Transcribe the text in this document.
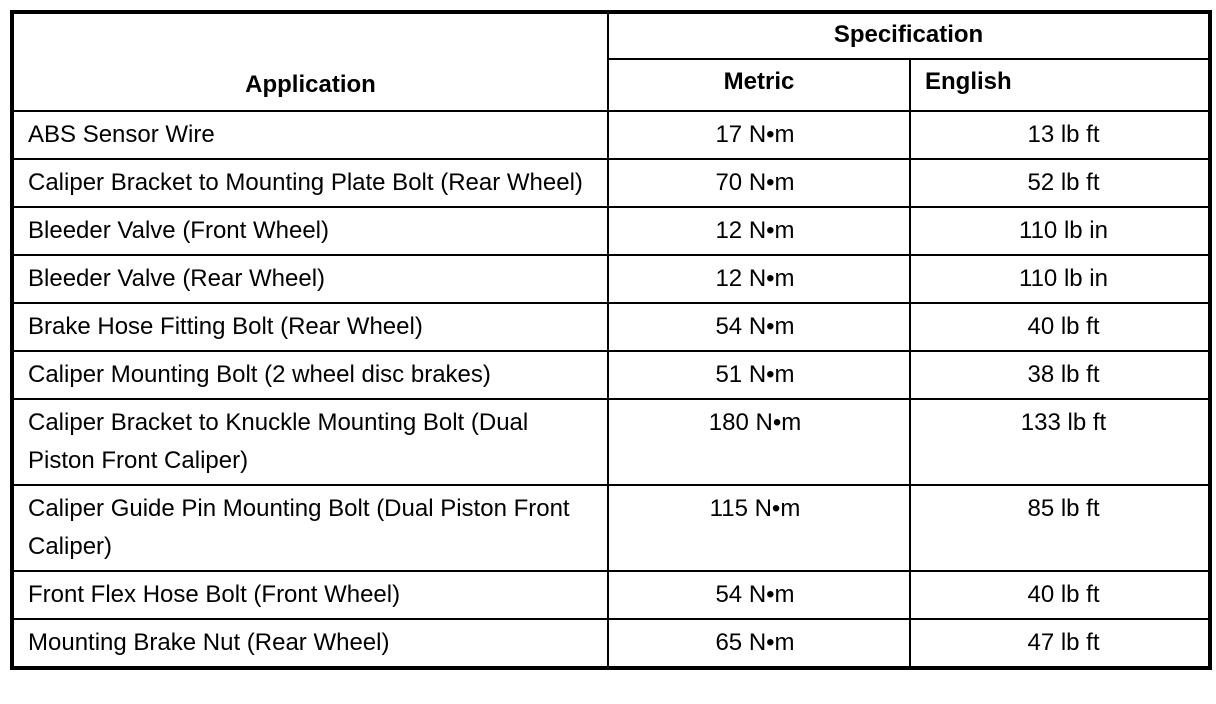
Application	Specification	
	Metric	English
ABS Sensor Wire	17 N•m	13 lb ft
Caliper Bracket to Mounting Plate Bolt (Rear Wheel)	70 N•m	52 lb ft
Bleeder Valve (Front Wheel)	12 N•m	110 lb in
Bleeder Valve (Rear Wheel)	12 N•m	110 lb in
Brake Hose Fitting Bolt (Rear Wheel)	54 N•m	40 lb ft
Caliper Mounting Bolt (2 wheel disc brakes)	51 N•m	38 lb ft
Caliper Bracket to Knuckle Mounting Bolt (Dual Piston Front Caliper)	180 N•m	133 lb ft
Caliper Guide Pin Mounting Bolt (Dual Piston Front Caliper)	115 N•m	85 lb ft
Front Flex Hose Bolt (Front Wheel)	54 N•m	40 lb ft
Mounting Brake Nut (Rear Wheel)	65 N•m	47 lb ft
